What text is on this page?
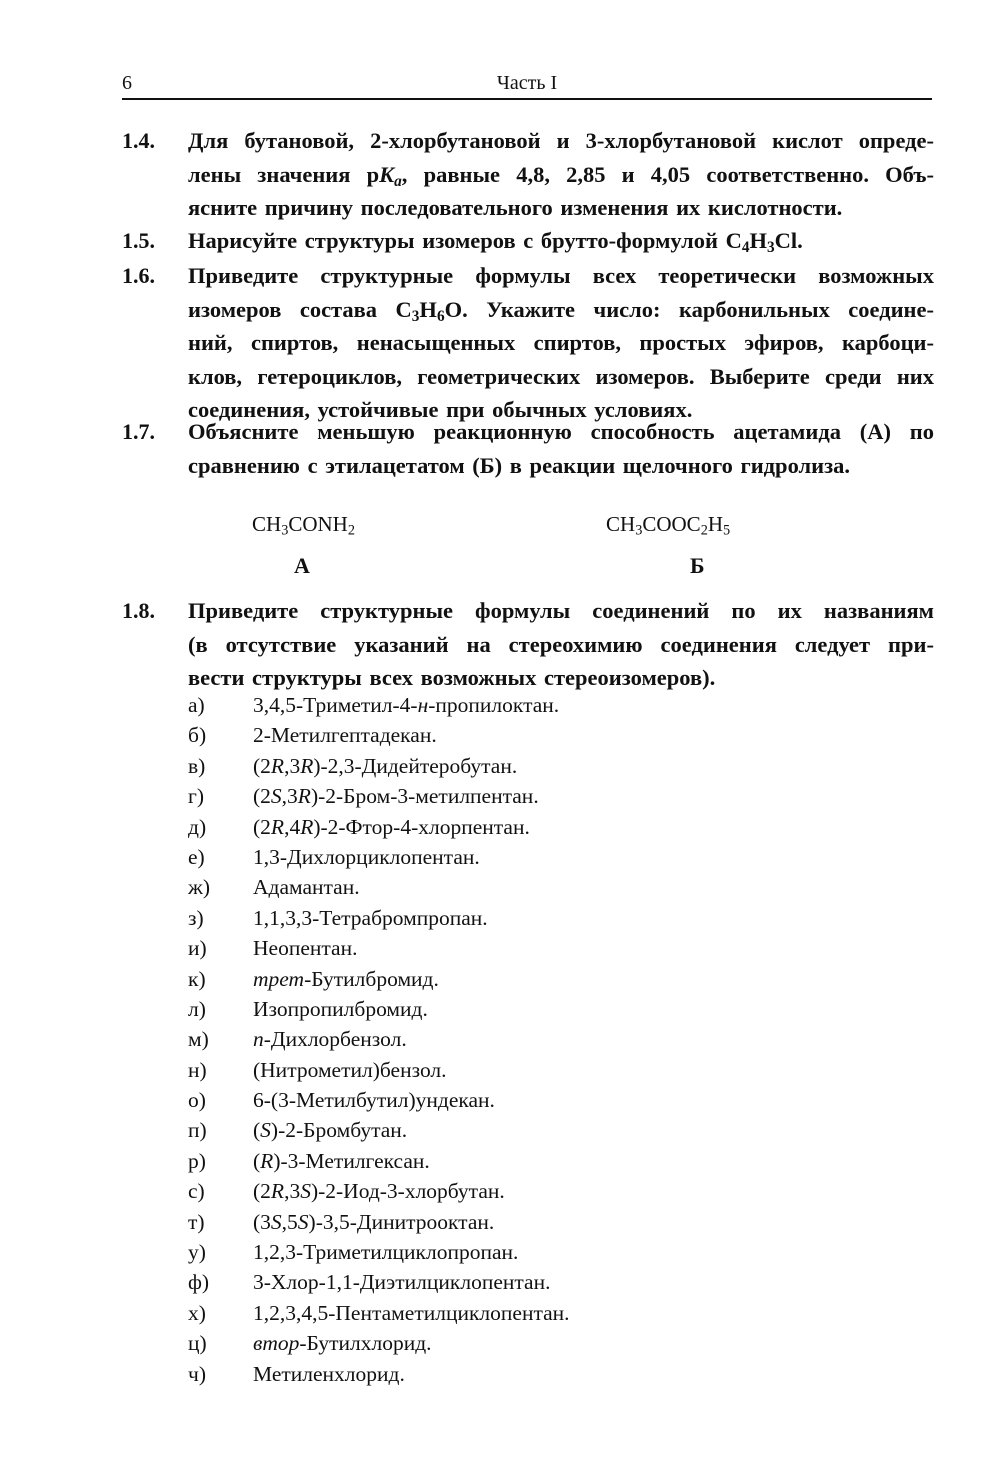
6	Часть I
1.4. Для бутановой, 2-хлорбутановой и 3-хлорбутановой кислот опреде-
лены значения $pK_a$, равные 4,8, 2,85 и 4,05 соответственно. Объ-
ясните причину последовательного изменения их кислотности.
1.5. Нарисуйте структуры изомеров с брутто-формулой $C_4H_3Cl$.
1.6. Приведите структурные формулы всех теоретически возможных
изомеров состава $C_3H_6O$. Укажите число: карбонильных соедине-
ний, спиртов, ненасыщенных спиртов, простых эфиров, карбоци-
клов, гетероциклов, геометрических изомеров. Выберите среди них
соединения, устойчивые при обычных условиях.
1.7. Объясните меньшую реакционную способность ацетамида (А) по
сравнению с этилацетатом (Б) в реакции щелочного гидролиза.
$CH_3CONH_2$
А
$CH_3COOC_2H_5$
Б
1.8. Приведите структурные формулы соединений по их названиям
(в отсутствие указаний на стереохимию соединения следует при-
вести структуры всех возможных стереоизомеров).
а) 3,4,5-Триметил-4-н-пропилоктан.
б) 2-Метилгептадекан.
в) (2R,3R)-2,3-Дидейтеробутан.
г) (2S,3R)-2-Бром-3-метилпентан.
д) (2R,4R)-2-Фтор-4-хлорпентан.
е) 1,3-Дихлорциклопентан.
ж) Адамантан.
з) 1,1,3,3-Тетрабромпропан.
и) Неопентан.
к) трет-Бутилбромид.
л) Изопропилбромид.
м) п-Дихлорбензол.
н) (Нитрометил)бензол.
о) 6-(3-Метилбутил)ундекан.
п) (S)-2-Бромбутан.
р) (R)-3-Метилгексан.
с) (2R,3S)-2-Иод-3-хлорбутан.
т) (3S,5S)-3,5-Динитрооктан.
у) 1,2,3-Триметилциклопропан.
ф) 3-Хлор-1,1-Диэтилциклопентан.
х) 1,2,3,4,5-Пентаметилциклопентан.
ц) втор-Бутилхлорид.
ч) Метиленхлорид.
